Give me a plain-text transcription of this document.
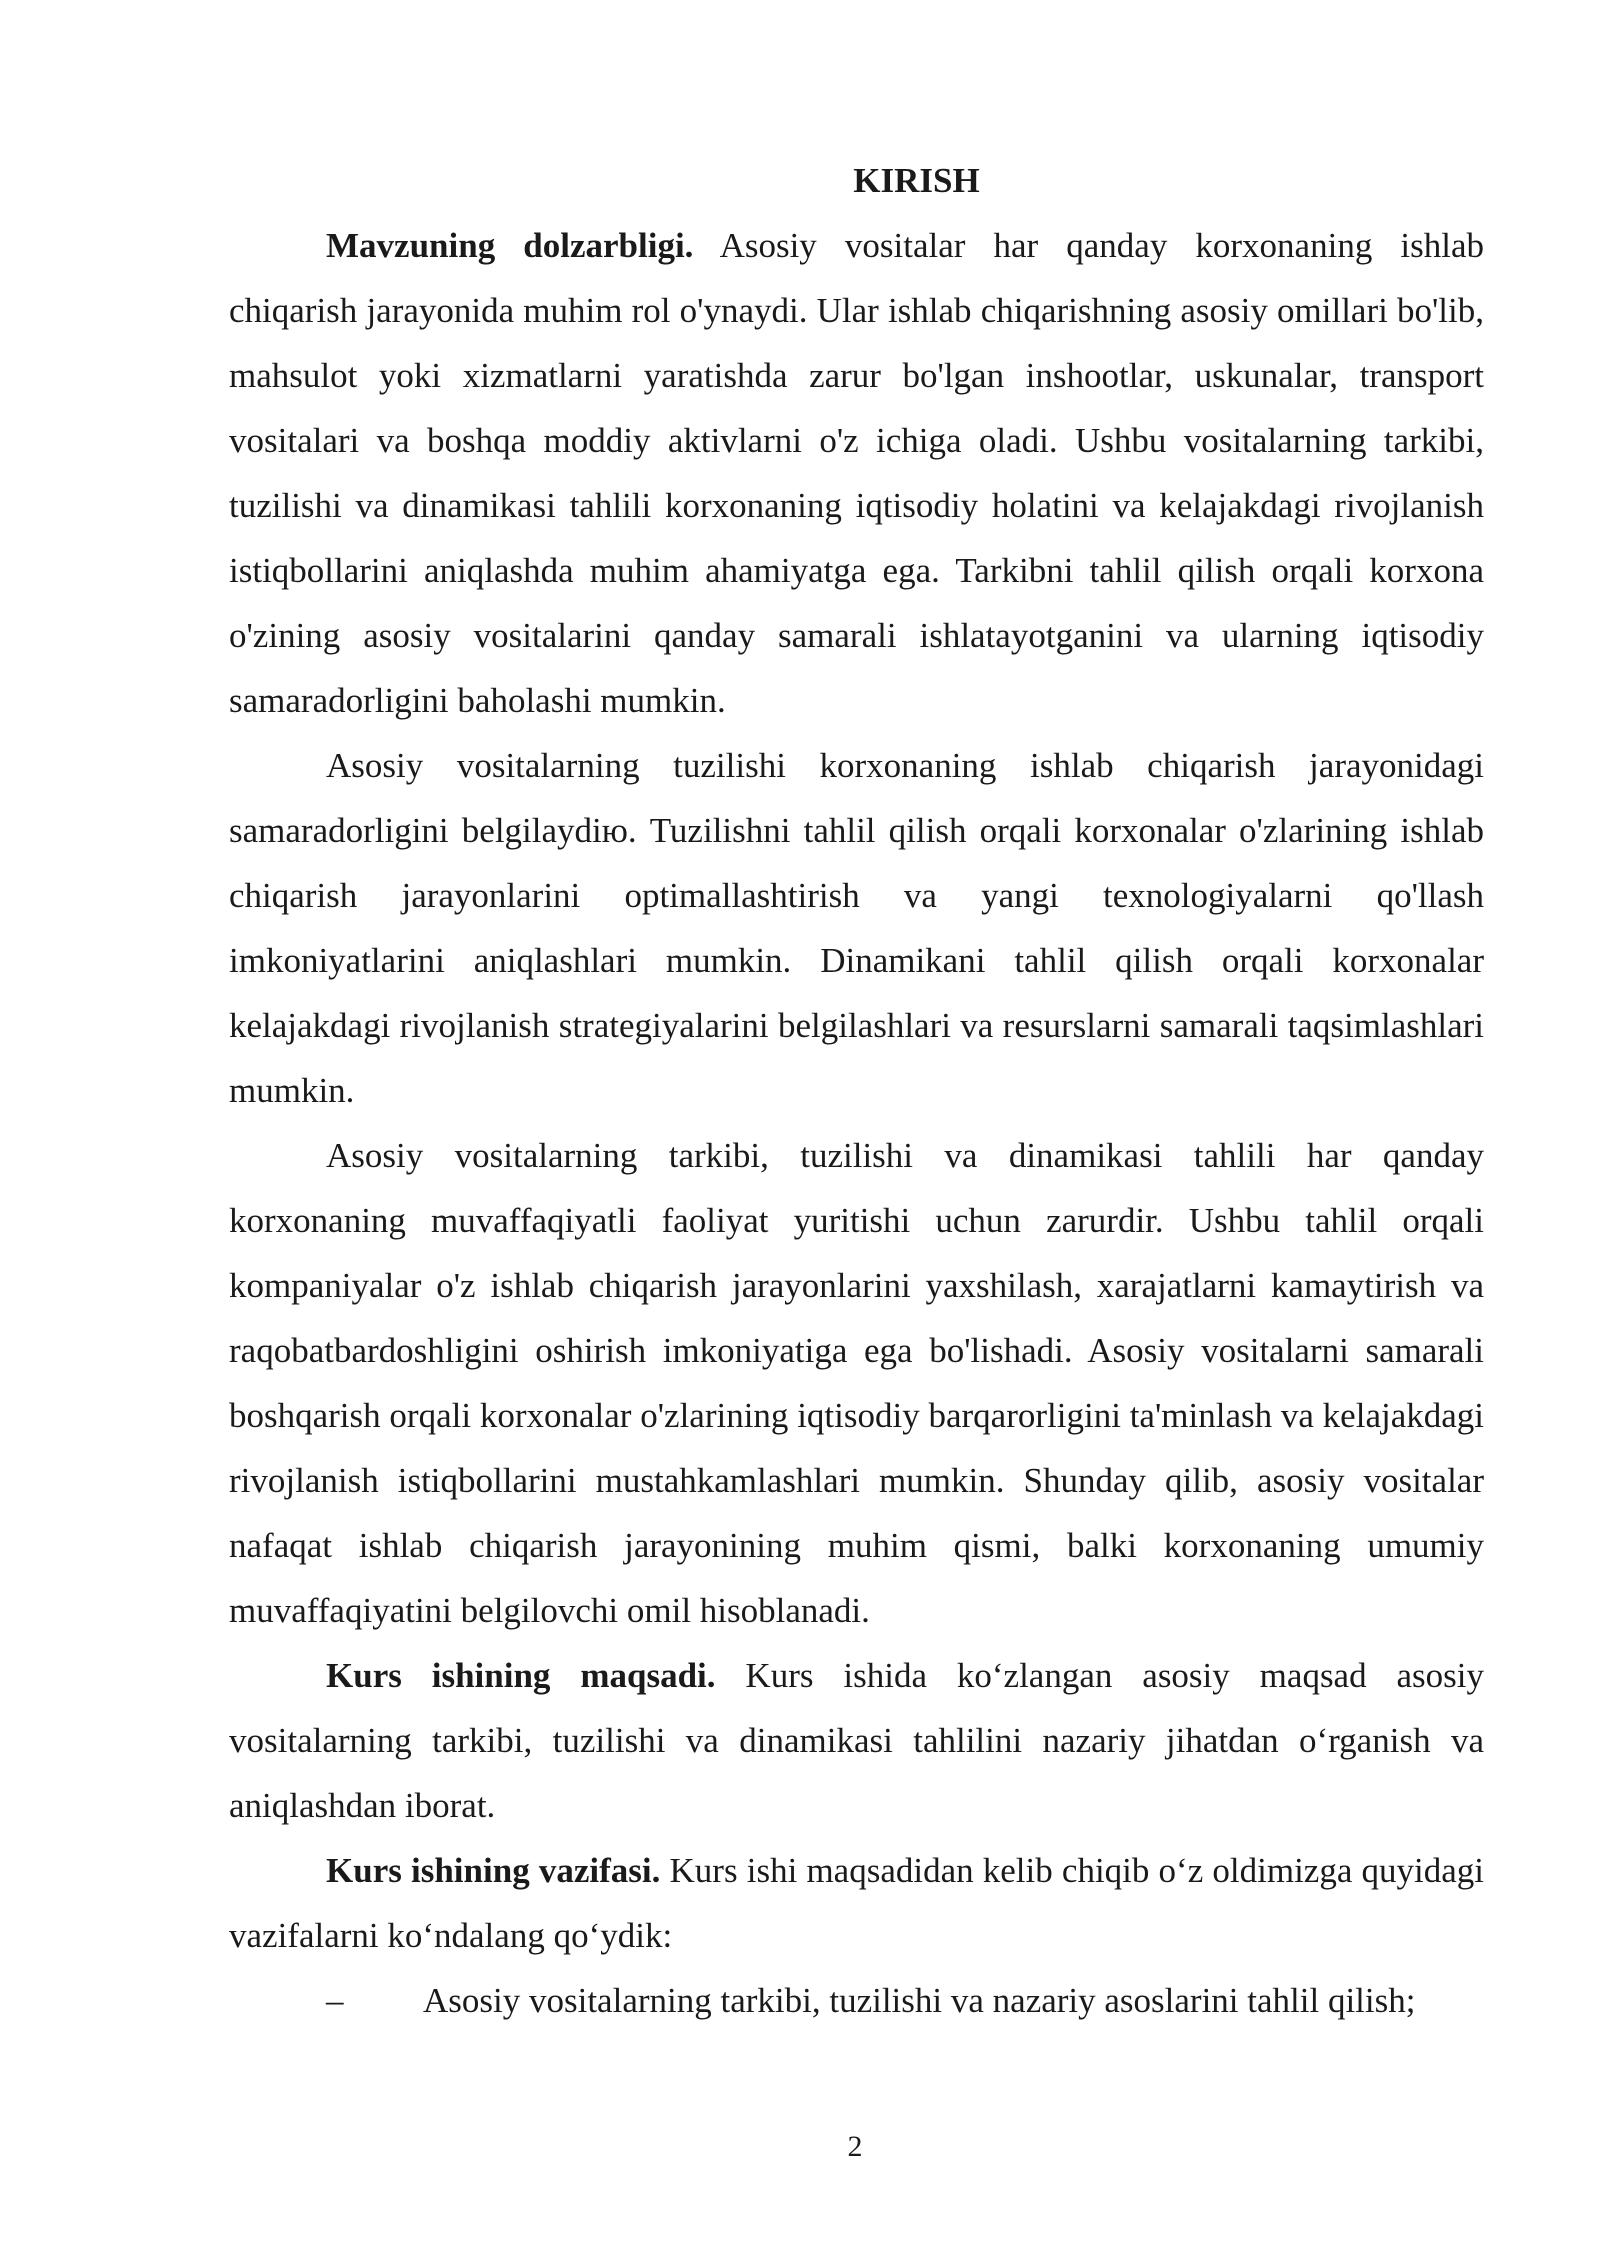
KIRISH

Mavzuning dolzarbligi. Asosiy vositalar har qanday korxonaning ishlab chiqarish jarayonida muhim rol o'ynaydi. Ular ishlab chiqarishning asosiy omillari bo'lib, mahsulot yoki xizmatlarni yaratishda zarur bo'lgan inshootlar, uskunalar, transport vositalari va boshqa moddiy aktivlarni o'z ichiga oladi. Ushbu vositalarning tarkibi, tuzilishi va dinamikasi tahlili korxonaning iqtisodiy holatini va kelajakdagi rivojlanish istiqbollarini aniqlashda muhim ahamiyatga ega. Tarkibni tahlil qilish orqali korxona o'zining asosiy vositalarini qanday samarali ishlatayotganini va ularning iqtisodiy samaradorligini baholashi mumkin.

Asosiy vositalarning tuzilishi korxonaning ishlab chiqarish jarayonidagi samaradorligini belgilaydiю. Tuzilishni tahlil qilish orqali korxonalar o'zlarining ishlab chiqarish jarayonlarini optimallashtirish va yangi texnologiyalarni qo'llash imkoniyatlarini aniqlashlari mumkin. Dinamikani tahlil qilish orqali korxonalar kelajakdagi rivojlanish strategiyalarini belgilashlari va resurslarni samarali taqsimlashlari mumkin.

Asosiy vositalarning tarkibi, tuzilishi va dinamikasi tahlili har qanday korxonaning muvaffaqiyatli faoliyat yuritishi uchun zarurdir. Ushbu tahlil orqali kompaniyalar o'z ishlab chiqarish jarayonlarini yaxshilash, xarajatlarni kamaytirish va raqobatbardoshligini oshirish imkoniyatiga ega bo'lishadi. Asosiy vositalarni samarali boshqarish orqali korxonalar o'zlarining iqtisodiy barqarorligini ta'minlash va kelajakdagi rivojlanish istiqbollarini mustahkamlashlari mumkin. Shunday qilib, asosiy vositalar nafaqat ishlab chiqarish jarayonining muhim qismi, balki korxonaning umumiy muvaffaqiyatini belgilovchi omil hisoblanadi.

Kurs ishining maqsadi. Kurs ishida koʻzlangan asosiy maqsad asosiy vositalarning tarkibi, tuzilishi va dinamikasi tahlilini nazariy jihatdan oʻrganish va aniqlashdan iborat.

Kurs ishining vazifasi. Kurs ishi maqsadidan kelib chiqib oʻz oldimizga quyidagi vazifalarni koʻndalang qoʻydik:

– Asosiy vositalarning tarkibi, tuzilishi va nazariy asoslarini tahlil qilish;

2
